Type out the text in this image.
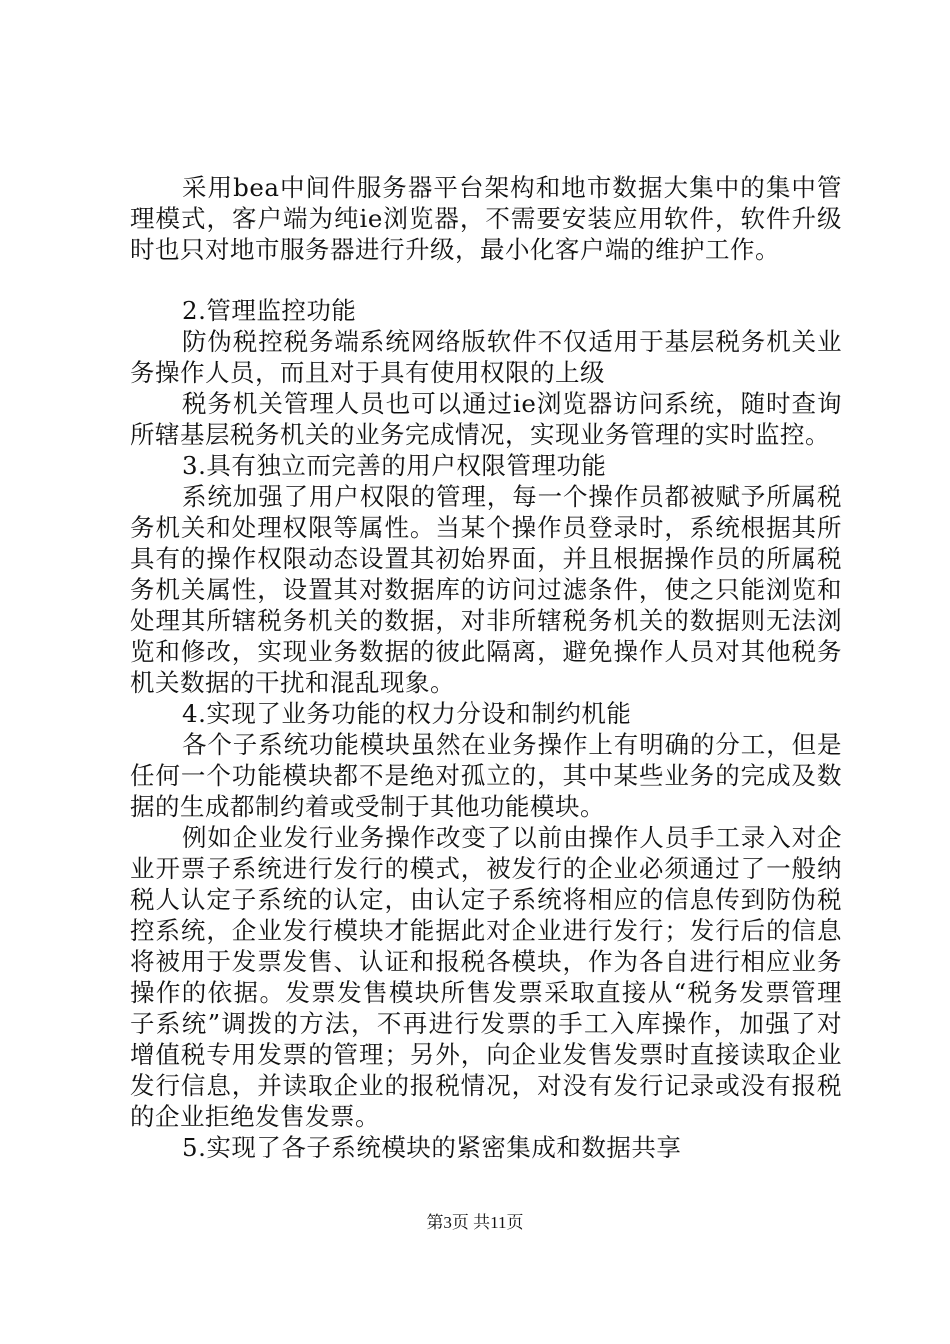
采用bea中间件服务器平台架构和地市数据大集中的集中管理模式，客户端为纯ie浏览器，不需要安装应用软件，软件升级时也只对地市服务器进行升级，最小化客户端的维护工作。

2.管理监控功能

防伪税控税务端系统网络版软件不仅适用于基层税务机关业务操作人员，而且对于具有使用权限的上级

税务机关管理人员也可以通过ie浏览器访问系统，随时查询所辖基层税务机关的业务完成情况，实现业务管理的实时监控。

3.具有独立而完善的用户权限管理功能

系统加强了用户权限的管理，每一个操作员都被赋予所属税务机关和处理权限等属性。当某个操作员登录时，系统根据其所具有的操作权限动态设置其初始界面，并且根据操作员的所属税务机关属性，设置其对数据库的访问过滤条件，使之只能浏览和处理其所辖税务机关的数据，对非所辖税务机关的数据则无法浏览和修改，实现业务数据的彼此隔离，避免操作人员对其他税务机关数据的干扰和混乱现象。

4.实现了业务功能的权力分设和制约机能

各个子系统功能模块虽然在业务操作上有明确的分工，但是任何一个功能模块都不是绝对孤立的，其中某些业务的完成及数据的生成都制约着或受制于其他功能模块。

例如企业发行业务操作改变了以前由操作人员手工录入对企业开票子系统进行发行的模式，被发行的企业必须通过了一般纳税人认定子系统的认定，由认定子系统将相应的信息传到防伪税控系统，企业发行模块才能据此对企业进行发行；发行后的信息将被用于发票发售、认证和报税各模块，作为各自进行相应业务操作的依据。发票发售模块所售发票采取直接从“税务发票管理子系统”调拨的方法，不再进行发票的手工入库操作，加强了对增值税专用发票的管理；另外，向企业发售发票时直接读取企业发行信息，并读取企业的报税情况，对没有发行记录或没有报税的企业拒绝发售发票。

5.实现了各子系统模块的紧密集成和数据共享

第3页 共11页
